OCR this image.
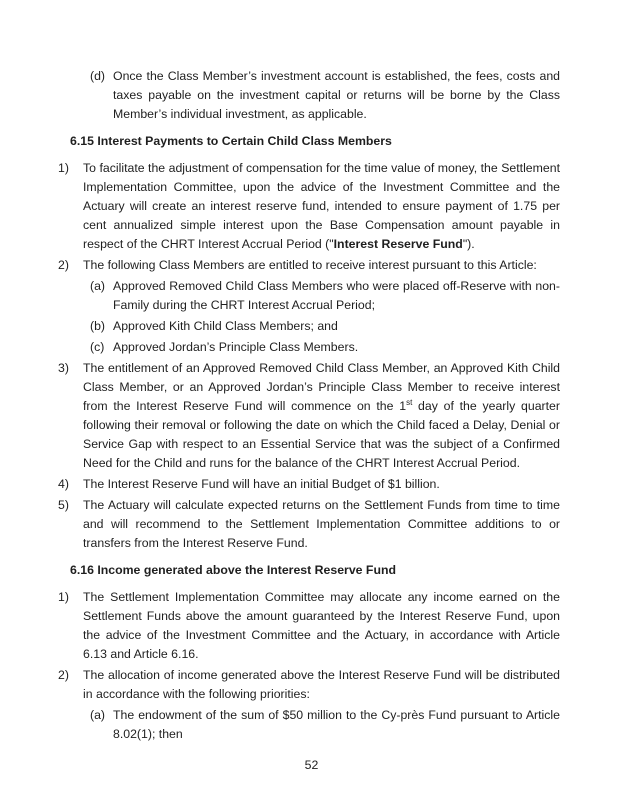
(d) Once the Class Member’s investment account is established, the fees, costs and taxes payable on the investment capital or returns will be borne by the Class Member’s individual investment, as applicable.
6.15 Interest Payments to Certain Child Class Members
1)	To facilitate the adjustment of compensation for the time value of money, the Settlement Implementation Committee, upon the advice of the Investment Committee and the Actuary will create an interest reserve fund, intended to ensure payment of 1.75 per cent annualized simple interest upon the Base Compensation amount payable in respect of the CHRT Interest Accrual Period ("Interest Reserve Fund").
2)	The following Class Members are entitled to receive interest pursuant to this Article:
(a) Approved Removed Child Class Members who were placed off-Reserve with non-Family during the CHRT Interest Accrual Period;
(b) Approved Kith Child Class Members; and
(c) Approved Jordan’s Principle Class Members.
3)	The entitlement of an Approved Removed Child Class Member, an Approved Kith Child Class Member, or an Approved Jordan’s Principle Class Member to receive interest from the Interest Reserve Fund will commence on the 1st day of the yearly quarter following their removal or following the date on which the Child faced a Delay, Denial or Service Gap with respect to an Essential Service that was the subject of a Confirmed Need for the Child and runs for the balance of the CHRT Interest Accrual Period.
4)	The Interest Reserve Fund will have an initial Budget of $1 billion.
5)	The Actuary will calculate expected returns on the Settlement Funds from time to time and will recommend to the Settlement Implementation Committee additions to or transfers from the Interest Reserve Fund.
6.16 Income generated above the Interest Reserve Fund
1)	The Settlement Implementation Committee may allocate any income earned on the Settlement Funds above the amount guaranteed by the Interest Reserve Fund, upon the advice of the Investment Committee and the Actuary, in accordance with Article 6.13 and Article 6.16.
2)	The allocation of income generated above the Interest Reserve Fund will be distributed in accordance with the following priorities:
(a) The endowment of the sum of $50 million to the Cy-près Fund pursuant to Article 8.02(1); then
52
